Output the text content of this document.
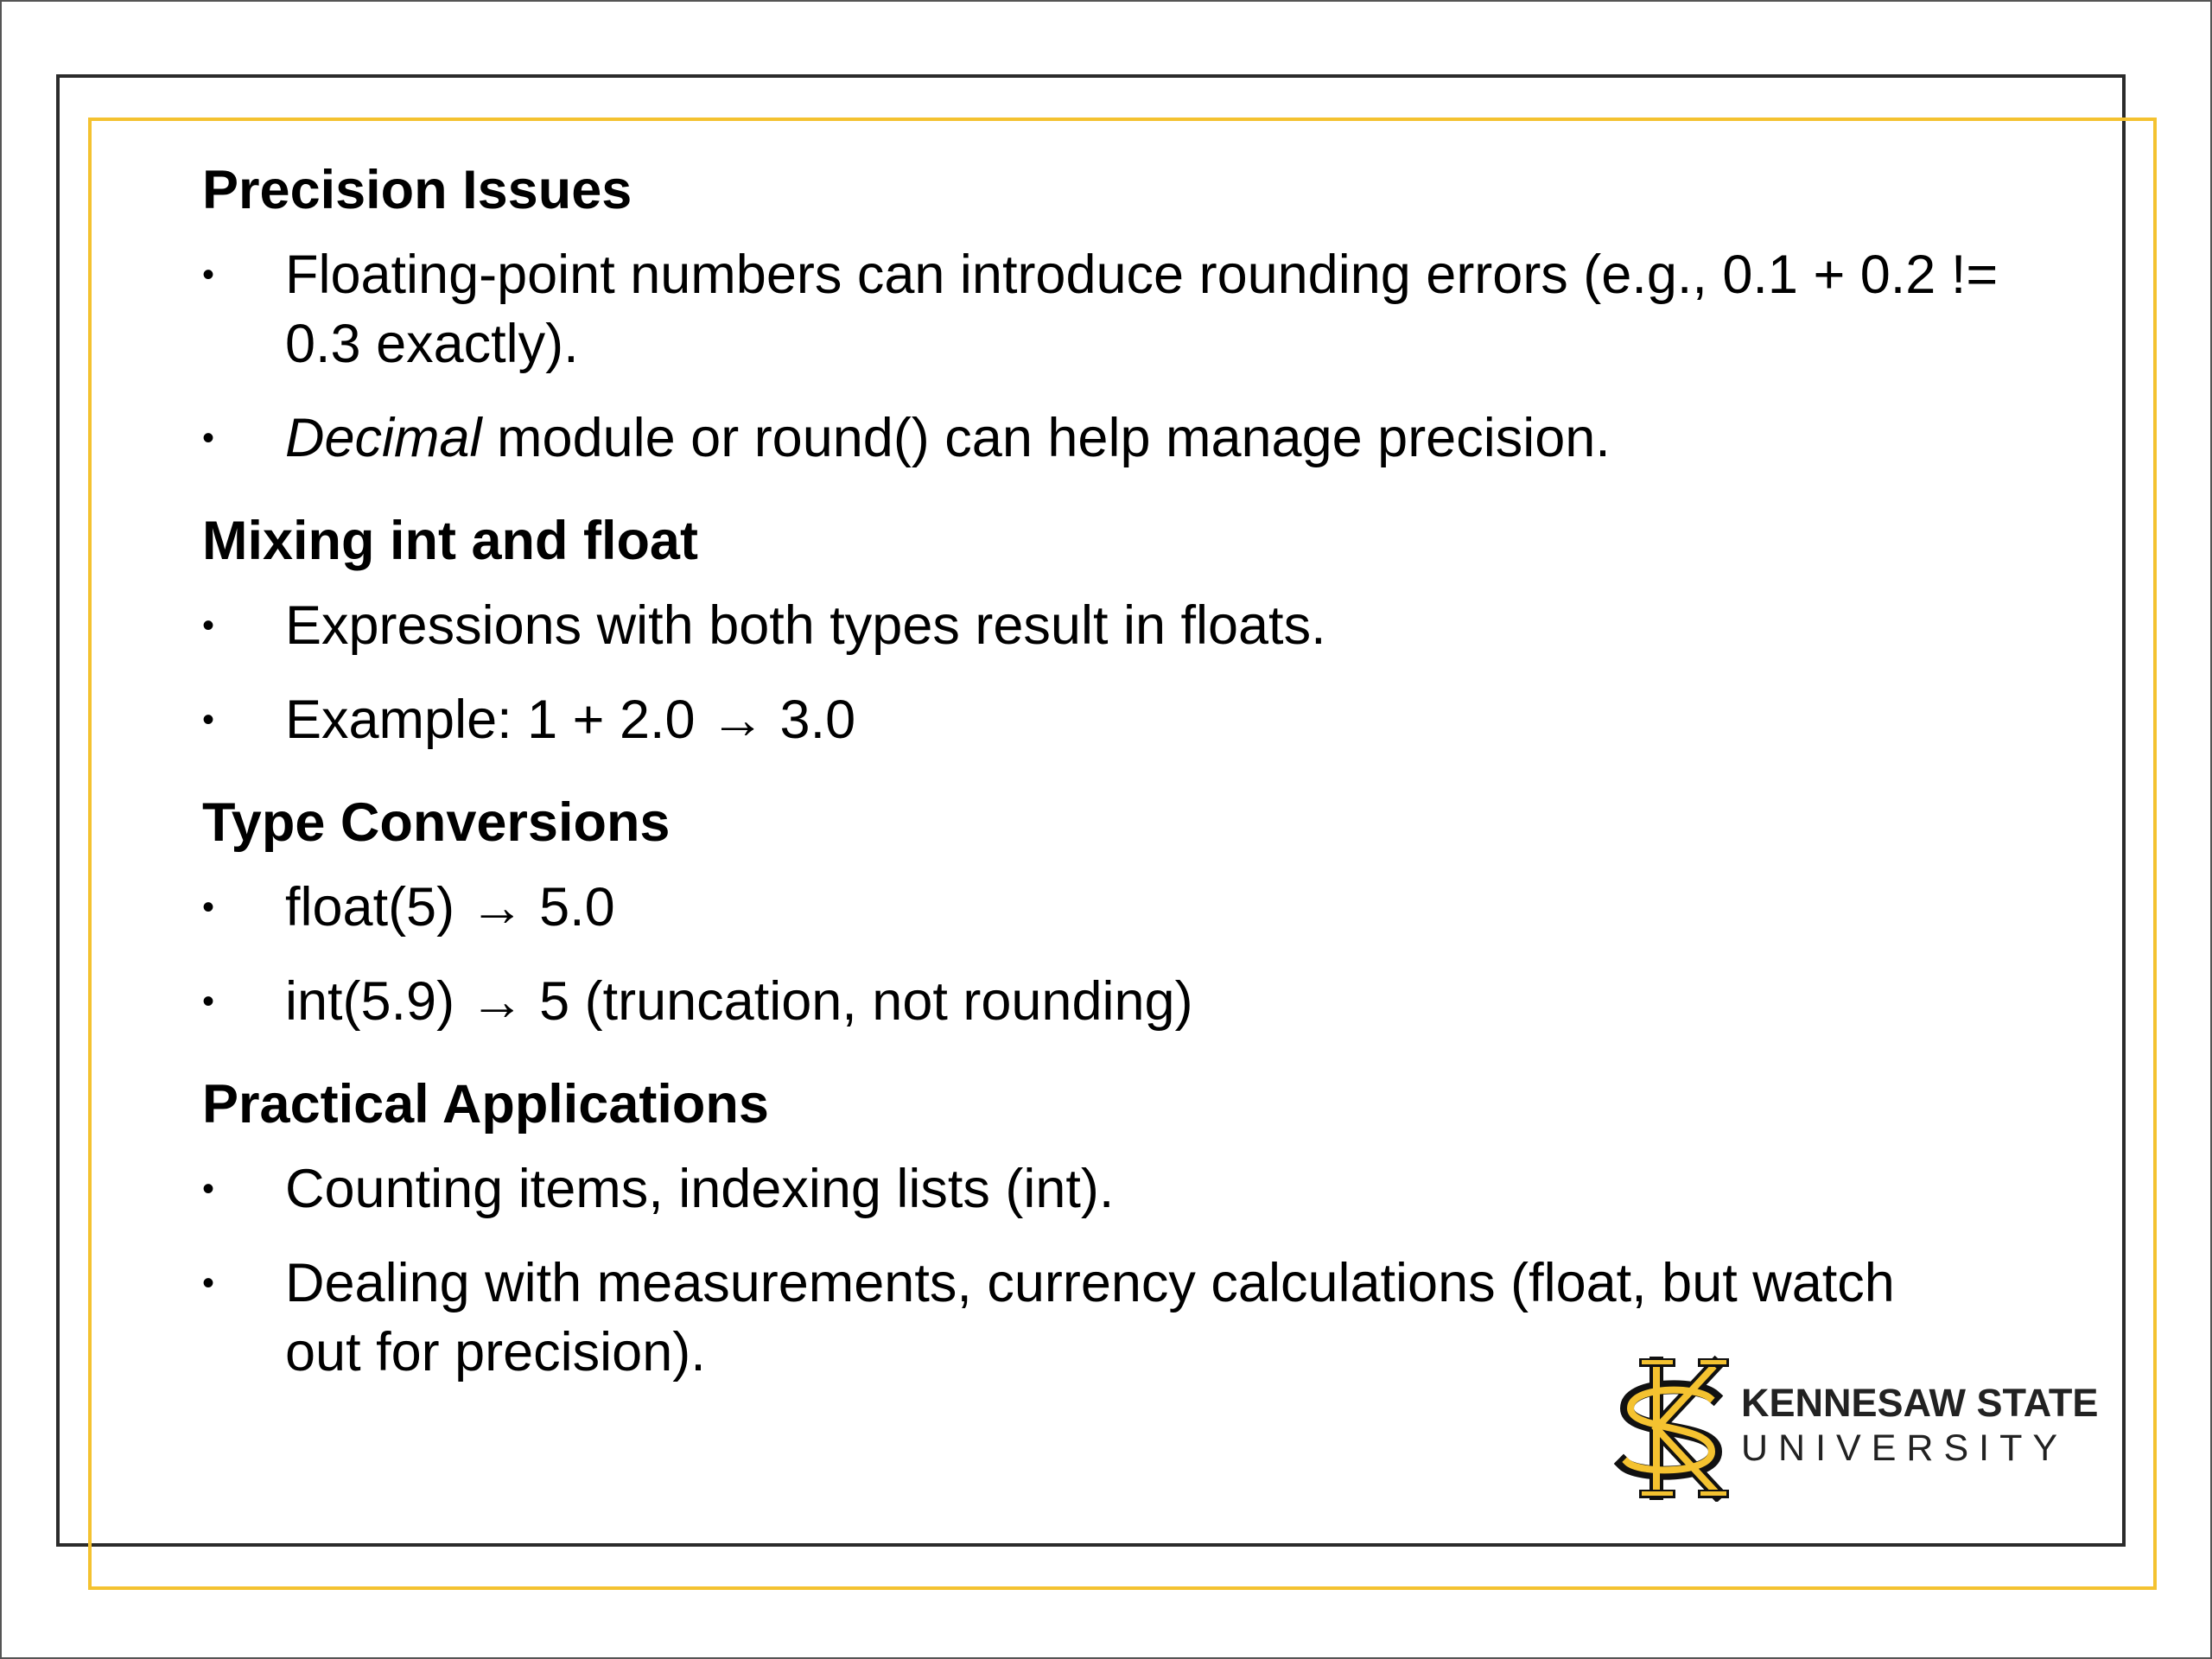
Precision Issues
•	Floating-point numbers can introduce rounding errors (e.g., 0.1 + 0.2 != 0.3 exactly).
•	Decimal module or round() can help manage precision.
Mixing int and float
•	Expressions with both types result in floats.
•	Example: 1 + 2.0 → 3.0
Type Conversions
•	float(5) → 5.0
•	int(5.9) → 5 (truncation, not rounding)
Practical Applications
•	Counting items, indexing lists (int).
•	Dealing with measurements, currency calculations (float, but watch out for precision).
KENNESAW STATE
UNIVERSITY
